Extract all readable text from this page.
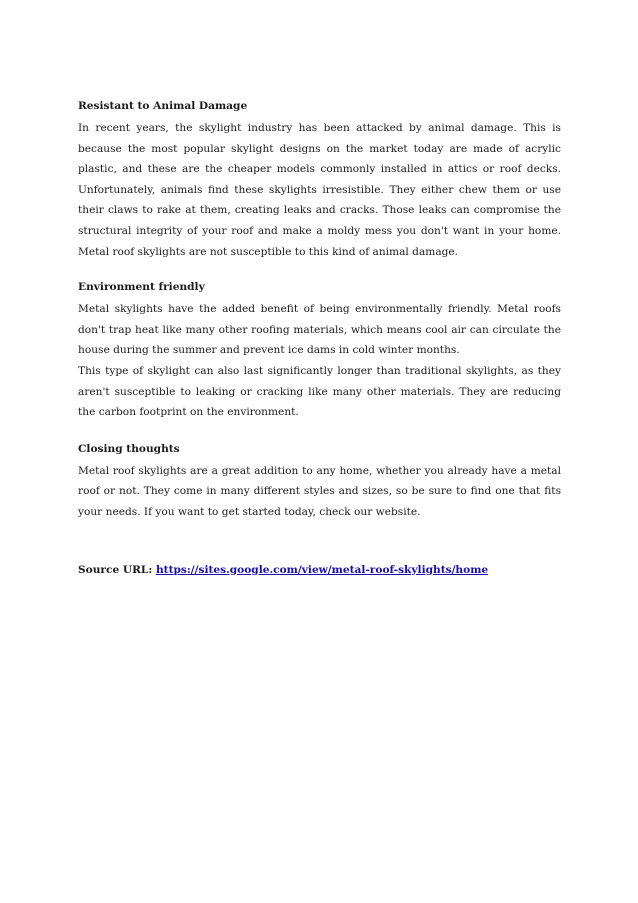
Resistant to Animal Damage

In recent years, the skylight industry has been attacked by animal damage. This is because the most popular skylight designs on the market today are made of acrylic plastic, and these are the cheaper models commonly installed in attics or roof decks. Unfortunately, animals find these skylights irresistible. They either chew them or use their claws to rake at them, creating leaks and cracks. Those leaks can compromise the structural integrity of your roof and make a moldy mess you don't want in your home. Metal roof skylights are not susceptible to this kind of animal damage.

Environment friendly

Metal skylights have the added benefit of being environmentally friendly. Metal roofs don't trap heat like many other roofing materials, which means cool air can circulate the house during the summer and prevent ice dams in cold winter months.

This type of skylight can also last significantly longer than traditional skylights, as they aren't susceptible to leaking or cracking like many other materials. They are reducing the carbon footprint on the environment.

Closing thoughts

Metal roof skylights are a great addition to any home, whether you already have a metal roof or not. They come in many different styles and sizes, so be sure to find one that fits your needs. If you want to get started today, check our website.

Source URL: https://sites.google.com/view/metal-roof-skylights/home
